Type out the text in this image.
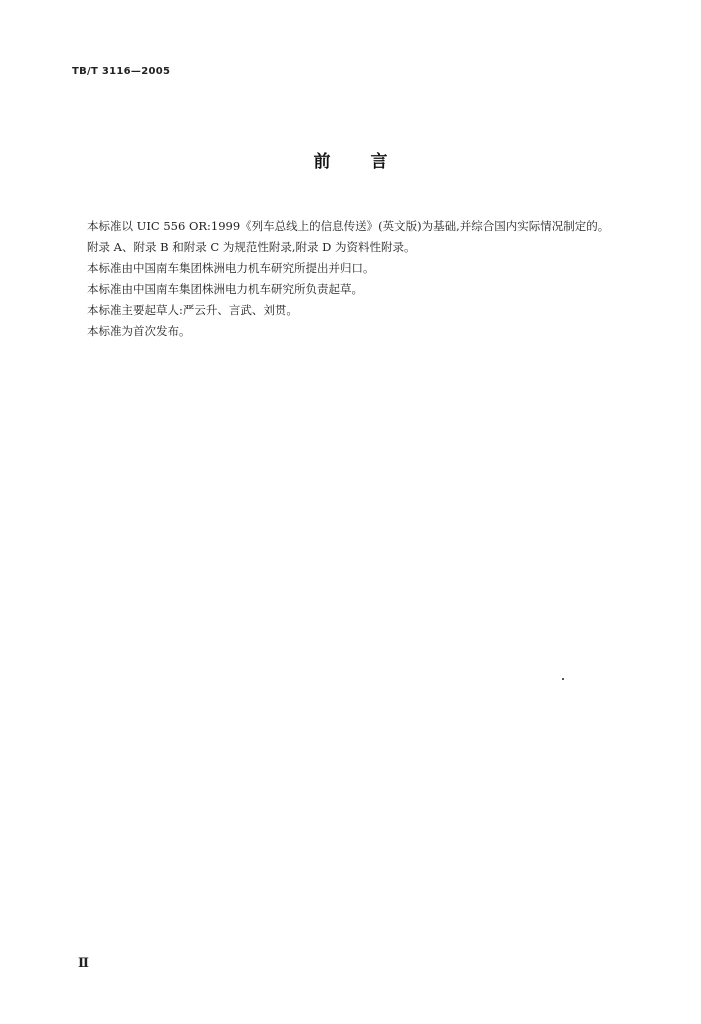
TB/T 3116—2005
前言

本标准以 UIC 556 OR:1999《列车总线上的信息传送》(英文版)为基础,并综合国内实际情况制定的。

附录 A、附录 B 和附录 C 为规范性附录,附录 D 为资料性附录。

本标准由中国南车集团株洲电力机车研究所提出并归口。

本标准由中国南车集团株洲电力机车研究所负责起草。

本标准主要起草人:严云升、言武、刘贯。

本标准为首次发布。

Ⅱ
